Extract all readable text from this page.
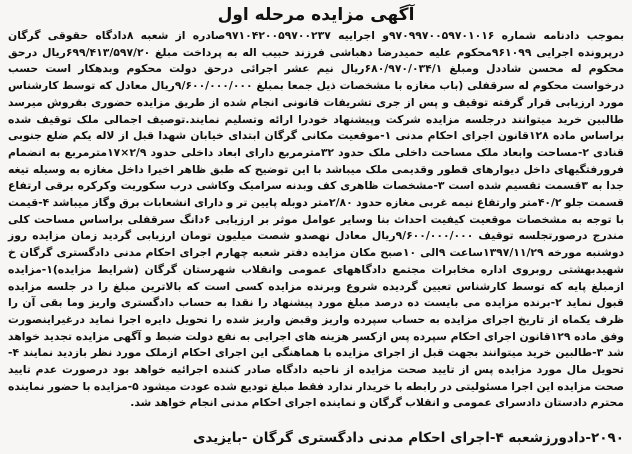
آگهی مزایده مرحله اول

بموجب دادنامه شماره ۹۷۰۹۹۷۰۰۵۹۷۰۱۰۱۶و اجراییه ۹۷۱۰۴۲۰۰۵۹۷۰۰۲۳۷صادره از شعبه ۸دادگاه حقوقی گرگان درپرونده اجرایی ۹۶۱۰۹۹محکوم علیه حمیدرضا دهباشی فرزند حبیب اله به پرداخت مبلغ ۶۹۹/۴۱۳/۵۹۷/۲۰ریال درحق محکوم له محسن شاددل ومبلغ ۶۸۰/۹۷۰/۰۳۴/۱ریال نیم عشر اجرائی درحق دولت محکوم وبدهکار است حسب درخواست محکوم له سرقفلی (باب مغازه با مشخصات ذیل جمعا بمبلغ ۹/۶۰۰/۰۰۰/۰۰۰ریال معادل که توسط کارشناس مورد ارزیابی قرار گرفته توقیف و پس از جری تشریفات قانونی انجام شده از طریق مزایده حضوری بفروش میرسد طالبین خرید میتوانند درجلسه مزایده شرکت وپیشنهاد خودرا ارائه وتسلیم نمایند.توصیف اجمالی ملک توقیف شده براساس ماده ۱۲۸قانون اجرای احکام مدنی ۱-موقعیت مکانی گرگان ابتدای خیابان شهدا قبل از لاله یکم ضلع جنوبی قنادی ۲-مساحت وابعاد ملک مساحت داخلی ملک حدود ۳۲مترمربع دارای ابعاد داخلی حدود ۲/۹×۱۷مترمربع به انضمام فرورفتگیهای داخل دیوارهای قطور وقدیمی ملک میباشد با این توضیح که طبق ظاهر اخیرا داخل مغازه به وسیله تیغه جدا به ۳قسمت تقسیم شده است ۳-مشخصات ظاهری کف وبدنه سرامیک وکاشی درب سکوریت وکرکره برقی ارتفاع قسمت جلو ۴۰/۲متر وارتفاع نیمه غربی مغازه حدود ۲/۸۰متر دوبله پایین تر و دارای انشعابات برق وگاز میباشد ۴-قیمت با توجه به مشخصات موقعیت کیفیت احداث بنا وسایر عوامل موثر بر ارزیابی ۶دانگ سرقفلی براساس مساحت کلی مندرج درصورتجلسه توقیف ۹/۶۰۰/۰۰۰/۰۰۰ریال معادل نهصدو شصت میلیون تومان ارزیابی گردید زمان مزایده روز دوشنبه مورخه ۱۳۹۷/۱۱/۲۹ساعت ۹الی ۱۰صبح مکان مزایده دفتر شعبه چهارم اجرای احکام مدنی دادگستری گرگان خ شهیدبهشتی روبروی اداره مخابرات مجتمع دادگاههای عمومی وانقلاب شهرستان گرگان (شرایط مزایده)۱-مزایده ازمبلغ پایه که توسط کارشناس تعیین گردیده شروع وبرنده مزایده کسی است که بالاترین مبلغ را در جلسه مزایده قبول نماید ۲-برنده مزایده می بایست ده درصد مبلغ مورد پیشنهاد را نقدا به حساب دادگستری واریز وما بقی آن را ظرف یکماه از تاریخ اجرای مزایده به حساب سپرده واریز وقبض واریز شده را تحویل دایره اجرا نماید درغیراینصورت وفق ماده ۱۲۹قانون اجرای احکام سپرده پس ازکسر هزینه های اجرایی به نفع دولت ضبط و آگهی مزایده تجدید خواهد شد ۳-طالبین خرید میتوانند بجهت قبل از اجرای مزایده با هماهنگی این اجرای احکام ازملک مورد نظر بازدید نمایند ۴-تحویل مال مورد مزایده پس از تایید صحت مزایده از ناحیه دادگاه صادر کننده اجرائیه خواهد بود درصورت عدم تایید صحت مزایده این اجرا مسئولیتی در رابطه با خریدار ندارد فقط مبلغ تودیع شده عودت میشود ۵-مزایده با حضور نماینده محترم دادستان دادسرای عمومی و انقلاب گرگان و نماینده اجرای احکام مدنی انجام خواهد شد.

۲۰۹۰-دادورزشعبه ۴-اجرای احکام مدنی دادگستری گرگان -بایزیدی
